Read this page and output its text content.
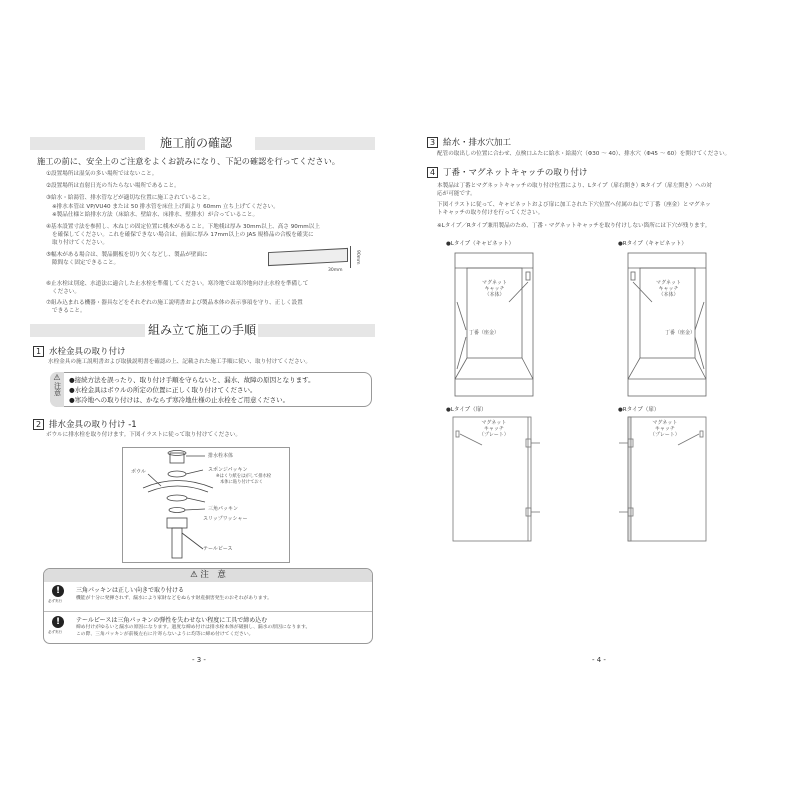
施工前の確認
施工の前に、安全上のご注意をよくお読みになり、下記の確認を行ってください。
①設置場所は湿気の多い場所ではないこと。
②設置場所は直射日光の当たらない場所であること。
③給水・給湯管、排水管などが適切な位置に施工されていること。
※排水本管は VP/VU40 または 50 排水管を床仕上げ面より 60mm 立ち上げてください。
※製品仕様と給排水方法（床給水、壁給水、床排水、壁排水）が合っていること。
④基本設置寸法を参照し、木ねじの固定位置に桟木があること。下地桟は厚み 30mm以上、高さ 90mm以上
を確保してください。これを確保できない場合は、前面に厚み 17mm以上の JAS 規格品の合板を確実に
取り付けてください。
⑤幅木がある場合は、製品側板を切り欠くなどし、製品が壁面に
隙間なく固定できること。	90mm
30mm
⑥止水栓は別途、水道法に適合した止水栓を準備してください。寒冷地では寒冷地向け止水栓を準備して
ください。
⑦組み込まれる機器・器具などをそれぞれの施工説明書および製品本体の表示事項を守り、正しく設置
できること。
組み立て施工の手順
1 水栓金具の取り付け
水栓金具の施工説明書および取扱説明書を確認の上、記載された施工手順に従い、取り付けてください。
⚠
注意
●接続方法を誤ったり、取り付け手順を守らないと、漏水、故障の原因となります。
●水栓金具はボウルの所定の位置に正しく取り付けてください。
●寒冷地への取り付けは、かならず寒冷地仕様の止水栓をご用意ください。
2 排水金具の取り付け -1
ボウルに排水栓を取り付けます。下図イラストに従って取り付けてください。
排水栓本体
スポンジパッキン
※はくり紙をはがして排水栓
本体に貼り付けておく
ボウル
三角パッキン
スリップワッシャー
テールピース
⚠ 注　意
!
必ず実行
三角パッキンは正しい向きで取り付ける
機能が十分に発揮されず、漏水により家財などをぬらす財産損害発生のおそれがあります。
!
必ず実行
テールピースは三角パッキンの弾性を失わせない程度に工具で締め込む
締め付けがゆるいと漏水の原因になります。過度な締め付けは排水栓本体が破損し、漏水の原因になります。
この際、三角パッキンが前後左右に片寄らないように均等に締め付けてください。
- 3 -
3 給水・排水穴加工
配管の取出しの位置に合わせ、点検口ふたに給水・給湯穴（Φ30 ～ 40）、排水穴（Φ45 ～ 60）を開けてください。
4 丁番・マグネットキャッチの取り付け
本製品は丁番とマグネットキャッチの取り付け位置により、Lタイプ（扉右開き）Rタイプ（扉左開き）への対
応が可能です。
下図イラストに従って、キャビネットおよび扉に加工された下穴位置へ付属のねじで丁番（座金）とマグネッ
トキャッチの取り付けを行ってください。
※Lタイプ／Rタイプ兼用製品のため、丁番・マグネットキャッチを取り付けしない箇所には下穴が残ります。
●Lタイプ（キャビネット）	●Rタイプ（キャビネット）
マグネット
キャッチ
（本体）
丁番（座金）
マグネット
キャッチ
（本体）
丁番（座金）
●Lタイプ（扉）	●Rタイプ（扉）
マグネット
キャッチ
（プレート）
マグネット
キャッチ
（プレート）
- 4 -
